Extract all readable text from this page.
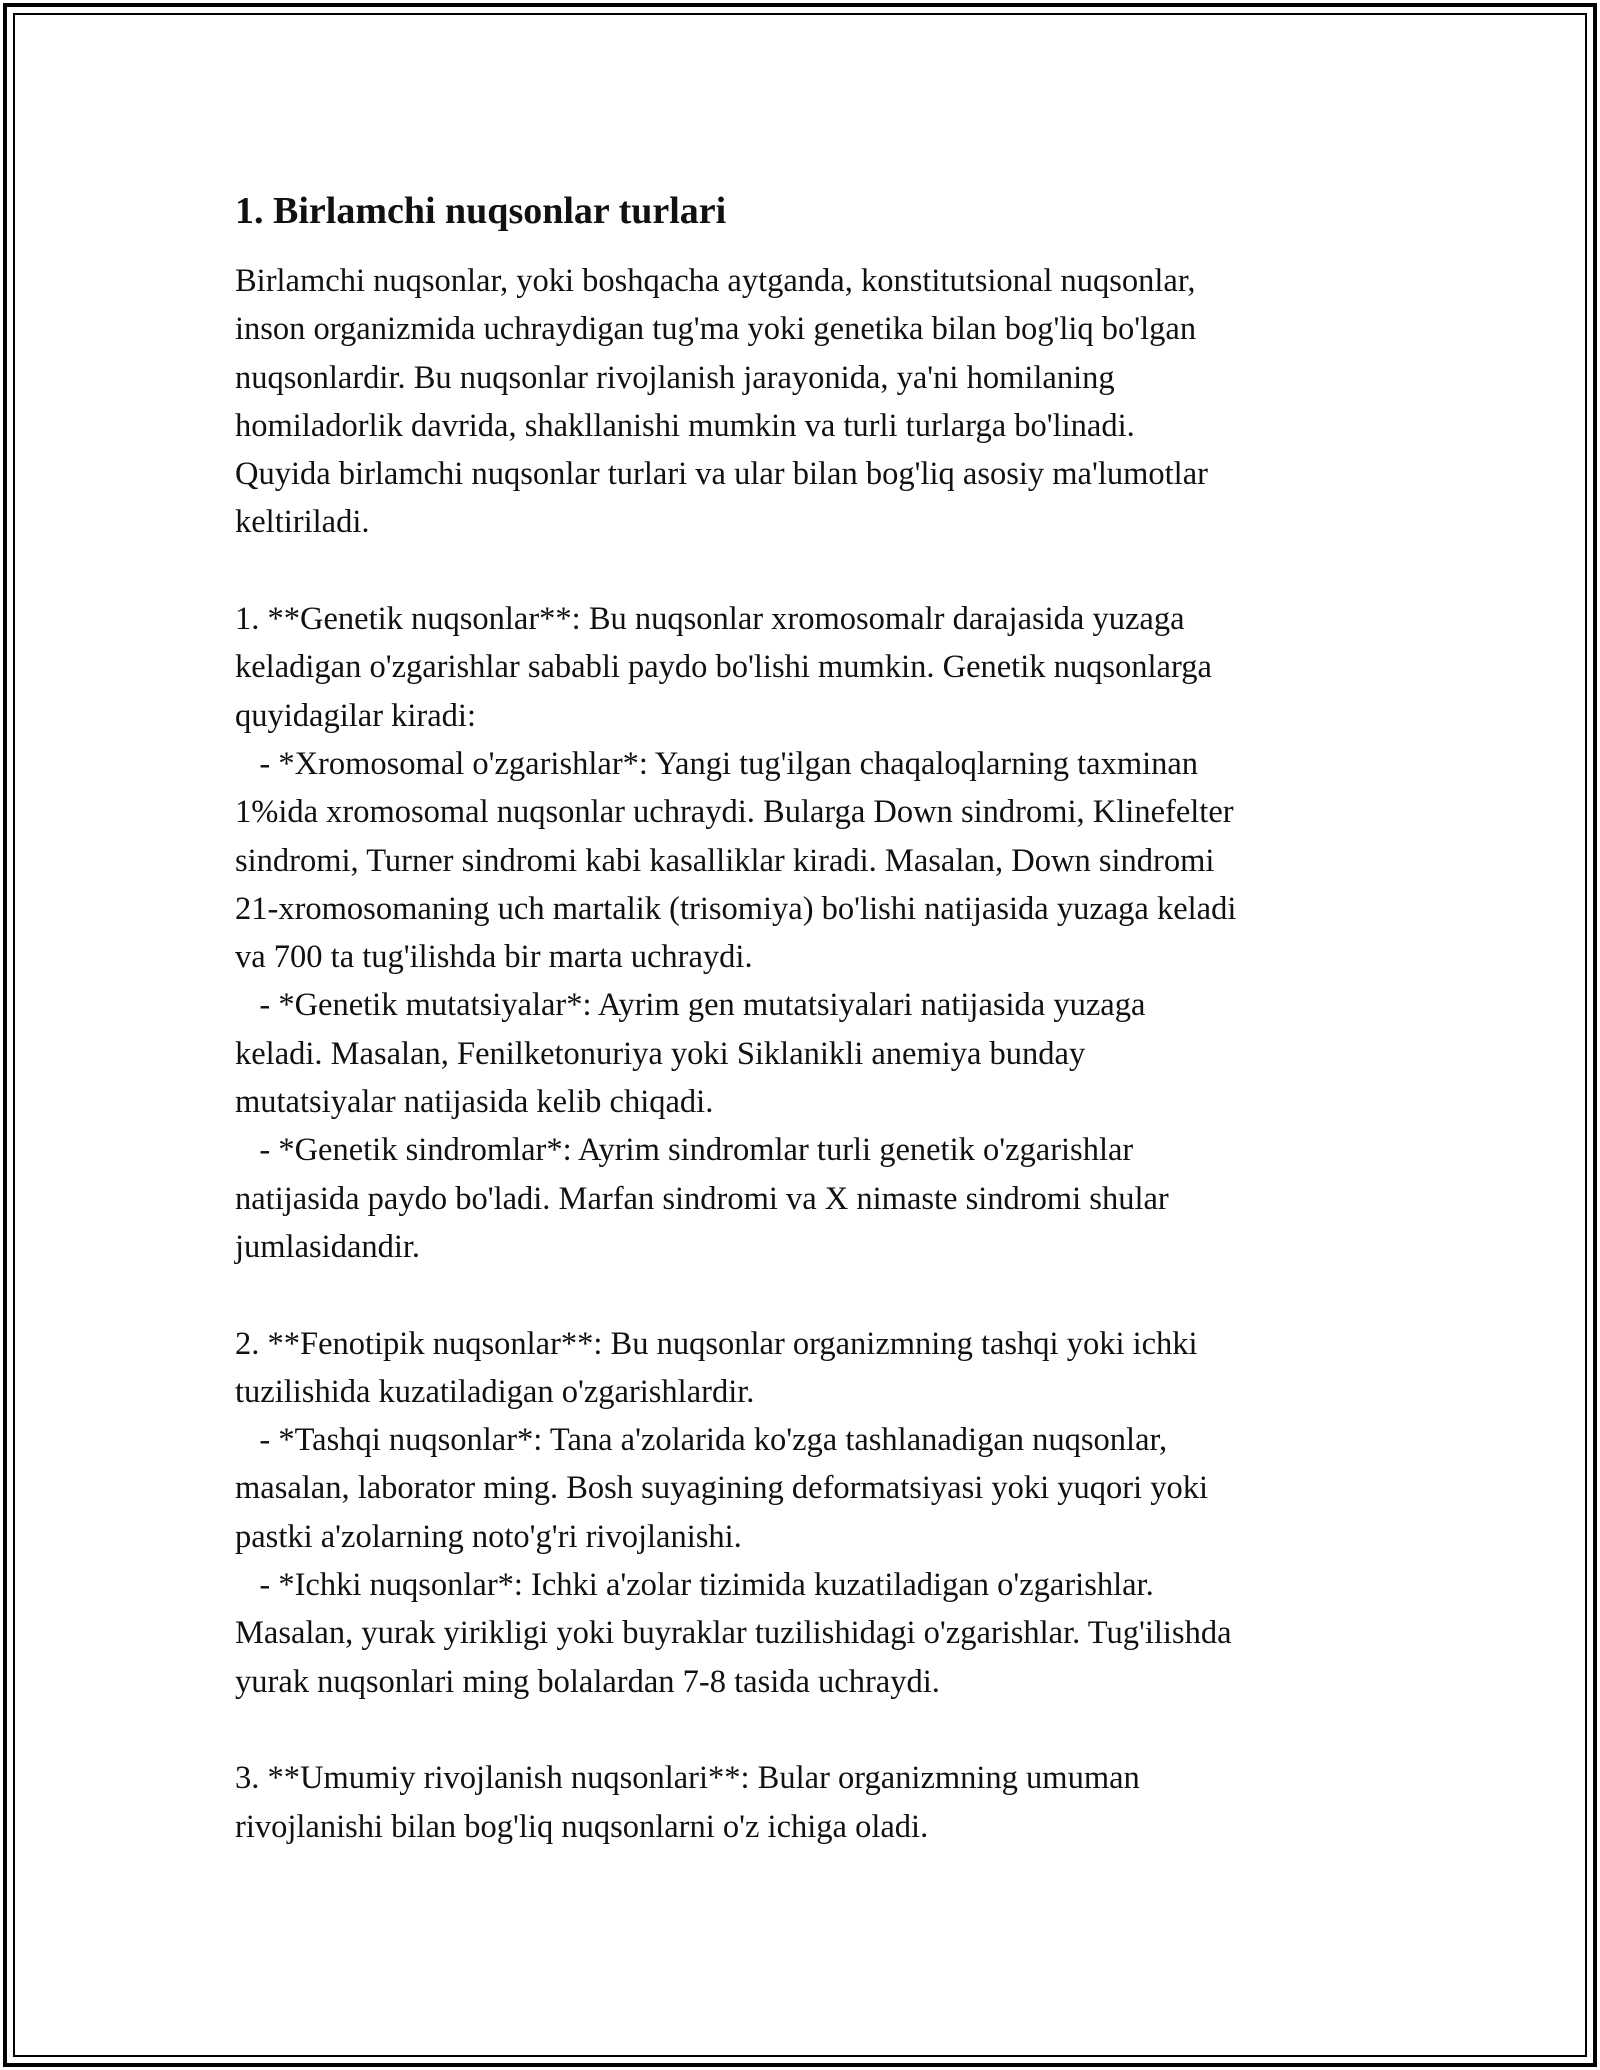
1. Birlamchi nuqsonlar turlari
Birlamchi nuqsonlar, yoki boshqacha aytganda, konstitutsional nuqsonlar,
inson organizmida uchraydigan tug'ma yoki genetika bilan bog'liq bo'lgan
nuqsonlardir. Bu nuqsonlar rivojlanish jarayonida, ya'ni homilaning
homiladorlik davrida, shakllanishi mumkin va turli turlarga bo'linadi.
Quyida birlamchi nuqsonlar turlari va ular bilan bog'liq asosiy ma'lumotlar
keltiriladi.
1. **Genetik nuqsonlar**: Bu nuqsonlar xromosomalr darajasida yuzaga
keladigan o'zgarishlar sababli paydo bo'lishi mumkin. Genetik nuqsonlarga
quyidagilar kiradi:
- *Xromosomal o'zgarishlar*: Yangi tug'ilgan chaqaloqlarning taxminan
1%ida xromosomal nuqsonlar uchraydi. Bularga Down sindromi, Klinefelter
sindromi, Turner sindromi kabi kasalliklar kiradi. Masalan, Down sindromi
21-xromosomaning uch martalik (trisomiya) bo'lishi natijasida yuzaga keladi
va 700 ta tug'ilishda bir marta uchraydi.
- *Genetik mutatsiyalar*: Ayrim gen mutatsiyalari natijasida yuzaga
keladi. Masalan, Fenilketonuriya yoki Siklanikli anemiya bunday
mutatsiyalar natijasida kelib chiqadi.
- *Genetik sindromlar*: Ayrim sindromlar turli genetik o'zgarishlar
natijasida paydo bo'ladi. Marfan sindromi va X nimaste sindromi shular
jumlasidandir.
2. **Fenotipik nuqsonlar**: Bu nuqsonlar organizmning tashqi yoki ichki
tuzilishida kuzatiladigan o'zgarishlardir.
- *Tashqi nuqsonlar*: Tana a'zolarida ko'zga tashlanadigan nuqsonlar,
masalan, laborator ming. Bosh suyagining deformatsiyasi yoki yuqori yoki
pastki a'zolarning noto'g'ri rivojlanishi.
- *Ichki nuqsonlar*: Ichki a'zolar tizimida kuzatiladigan o'zgarishlar.
Masalan, yurak yirikligi yoki buyraklar tuzilishidagi o'zgarishlar. Tug'ilishda
yurak nuqsonlari ming bolalardan 7-8 tasida uchraydi.
3. **Umumiy rivojlanish nuqsonlari**: Bular organizmning umuman
rivojlanishi bilan bog'liq nuqsonlarni o'z ichiga oladi.
